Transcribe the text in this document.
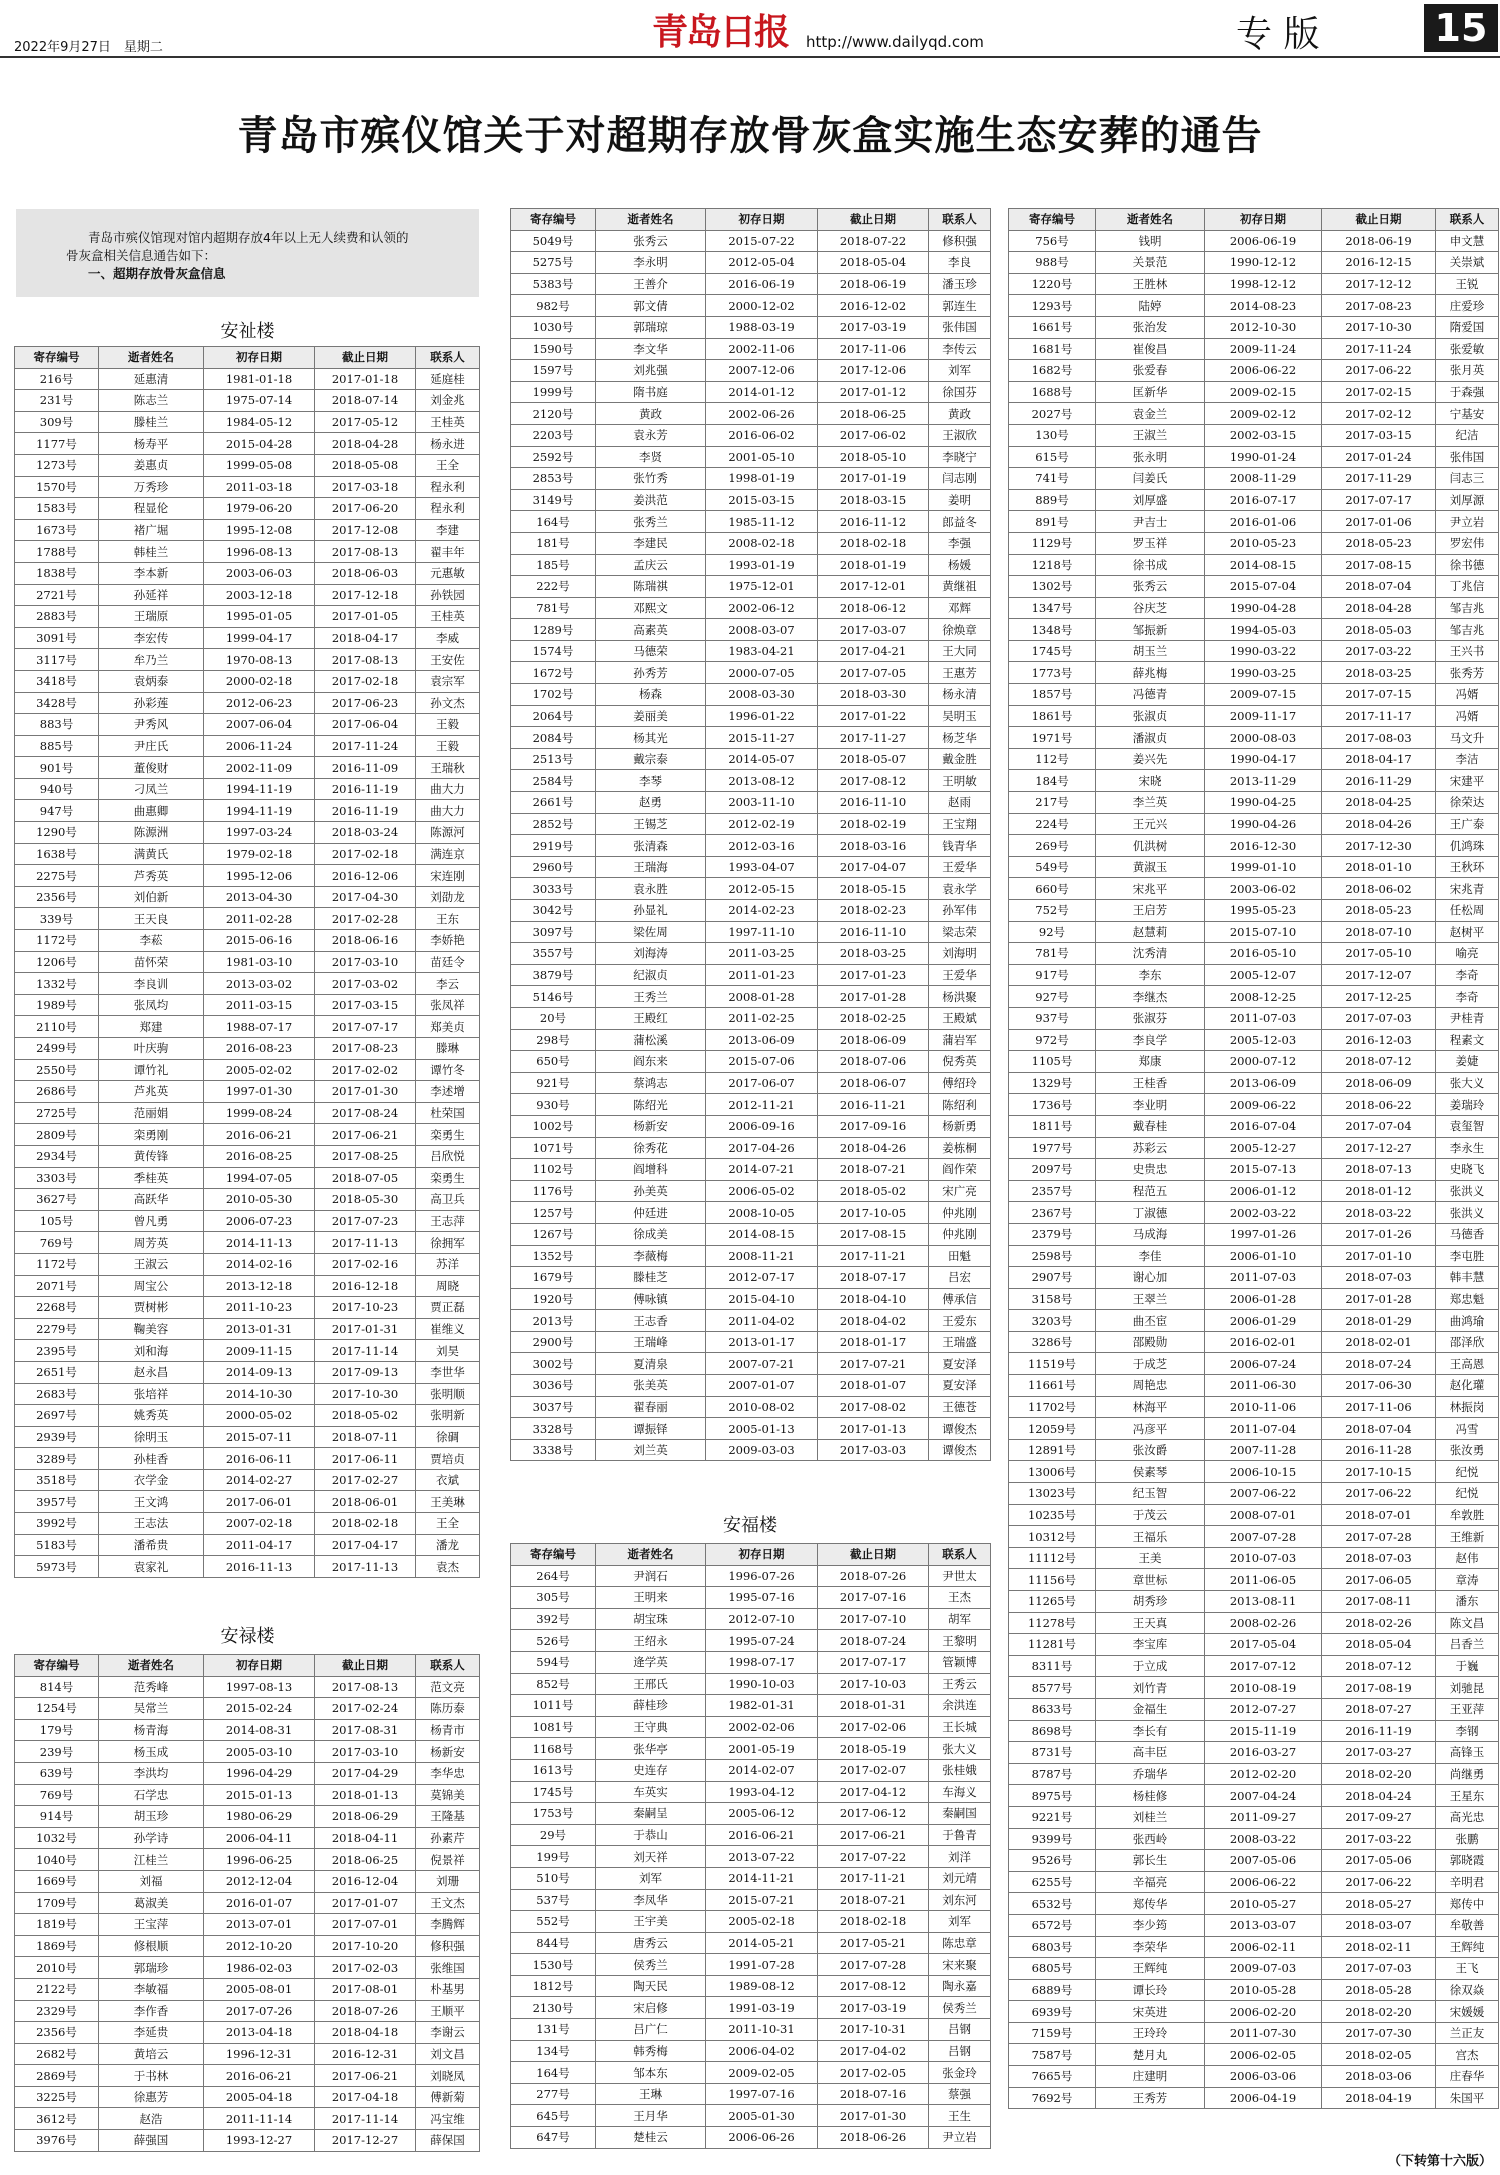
2022年9月27日　星期二	青岛日报 http://www.dailyqd.com	专 版	15
青岛市殡仪馆关于对超期存放骨灰盒实施生态安葬的通告
青岛市殡仪馆现对馆内超期存放4年以上无人续费和认领的
骨灰盒相关信息通告如下：
一、超期存放骨灰盒信息
安祉楼
寄存编号	逝者姓名	初存日期	截止日期	联系人
216号	延惠清	1981-01-18	2017-01-18	延庭桂
231号	陈志兰	1975-07-14	2018-07-14	刘金兆
309号	滕桂兰	1984-05-12	2017-05-12	王桂英
1177号	杨寿平	2015-04-28	2018-04-28	杨永进
1273号	姜惠贞	1999-05-08	2018-05-08	王全
1570号	万秀珍	2011-03-18	2017-03-18	程永利
1583号	程显伦	1979-06-20	2017-06-20	程永利
1673号	褚广堀	1995-12-08	2017-12-08	李建
1788号	韩桂兰	1996-08-13	2017-08-13	翟丰年
1838号	李本新	2003-06-03	2018-06-03	元惠敏
2721号	孙延祥	2003-12-18	2017-12-18	孙铁园
2883号	王瑞原	1995-01-05	2017-01-05	王桂英
3091号	李宏传	1999-04-17	2018-04-17	李威
3117号	牟乃兰	1970-08-13	2017-08-13	王安佐
3418号	袁炳泰	2000-02-18	2017-02-18	袁宗军
3428号	孙彩莲	2012-06-23	2017-06-23	孙文杰
883号	尹秀风	2007-06-04	2017-06-04	王毅
885号	尹庄氏	2006-11-24	2017-11-24	王毅
901号	董俊财	2002-11-09	2016-11-09	王瑞秋
940号	刁凤兰	1994-11-19	2016-11-19	曲大力
947号	曲惠卿	1994-11-19	2016-11-19	曲大力
1290号	陈源洲	1997-03-24	2018-03-24	陈源河
1638号	满黄氏	1979-02-18	2017-02-18	满连京
2275号	芦秀英	1995-12-06	2016-12-06	宋连刚
2356号	刘伯新	2013-04-30	2017-04-30	刘劭龙
339号	王天良	2011-02-28	2017-02-28	王东
1172号	李菘	2015-06-16	2018-06-16	李娇艳
1206号	苗怀荣	1981-03-10	2017-03-10	苗廷令
1332号	李良训	2013-03-02	2017-03-02	李云
1989号	张凤均	2011-03-15	2017-03-15	张凤祥
2110号	郑建	1988-07-17	2017-07-17	郑美贞
2499号	叶庆驹	2016-08-23	2017-08-23	滕琳
2550号	谭竹礼	2005-02-02	2017-02-02	谭竹冬
2686号	芦兆英	1997-01-30	2017-01-30	李述增
2725号	范丽娟	1999-08-24	2017-08-24	杜荣国
2809号	栾勇刚	2016-06-21	2017-06-21	栾勇生
2934号	黄传锋	2016-08-25	2017-08-25	吕欣悦
3303号	季桂英	1994-07-05	2018-07-05	栾勇生
3627号	高跃华	2010-05-30	2018-05-30	高卫兵
105号	曾凡勇	2006-07-23	2017-07-23	王志萍
769号	周芳英	2014-11-13	2017-11-13	徐拥军
1172号	王淑云	2014-02-16	2017-02-16	苏洋
2071号	周宝公	2013-12-18	2016-12-18	周晓
2268号	贾树彬	2011-10-23	2017-10-23	贾正磊
2279号	鞠美容	2013-01-31	2017-01-31	崔维义
2395号	刘和海	2009-11-15	2017-11-14	刘昊
2651号	赵永昌	2014-09-13	2017-09-13	李世华
2683号	张培祥	2014-10-30	2017-10-30	张明顺
2697号	姚秀英	2000-05-02	2018-05-02	张明新
2939号	徐明玉	2015-07-11	2018-07-11	徐碉
3289号	孙桂香	2016-06-11	2017-06-11	贾培贞
3518号	衣学金	2014-02-27	2017-02-27	衣斌
3957号	王文鸿	2017-06-01	2018-06-01	王美琳
3992号	王志法	2007-02-18	2018-02-18	王全
5183号	潘希贵	2011-04-17	2017-04-17	潘龙
5973号	袁家礼	2016-11-13	2017-11-13	袁杰
安禄楼
寄存编号	逝者姓名	初存日期	截止日期	联系人
814号	范秀峰	1997-08-13	2017-08-13	范文亮
1254号	吴常兰	2015-02-24	2017-02-24	陈历泰
179号	杨青海	2014-08-31	2017-08-31	杨青市
239号	杨玉成	2005-03-10	2017-03-10	杨新安
639号	李洪均	1996-04-29	2017-04-29	李华忠
769号	石学忠	2015-01-13	2018-01-13	莫锦美
914号	胡玉珍	1980-06-29	2018-06-29	王隆基
1032号	孙学诗	2006-04-11	2018-04-11	孙素芹
1040号	江桂兰	1996-06-25	2018-06-25	倪景祥
1669号	刘福	2012-12-04	2016-12-04	刘珊
1709号	葛淑美	2016-01-07	2017-01-07	王文杰
1819号	王宝萍	2013-07-01	2017-07-01	李腾辉
1869号	修根顺	2012-10-20	2017-10-20	修积强
2010号	郭瑞珍	1986-02-03	2017-02-03	张维国
2122号	李敏福	2005-08-01	2017-08-01	朴基男
2329号	李作香	2017-07-26	2018-07-26	王顺平
2356号	李延贵	2013-04-18	2018-04-18	李谢云
2682号	黄培云	1996-12-31	2016-12-31	刘文昌
2869号	于书林	2016-06-21	2017-06-21	刘晓凤
3225号	徐惠芳	2005-04-18	2017-04-18	傅新菊
3612号	赵浩	2011-11-14	2017-11-14	冯宝维
3976号	薛强国	1993-12-27	2017-12-27	薛保国
寄存编号	逝者姓名	初存日期	截止日期	联系人
5049号	张秀云	2015-07-22	2018-07-22	修积强
5275号	李永明	2012-05-04	2018-05-04	李良
5383号	王善介	2016-06-19	2018-06-19	潘玉珍
982号	郭文倩	2000-12-02	2016-12-02	郭连生
1030号	郭瑞琼	1988-03-19	2017-03-19	张伟国
1590号	李文华	2002-11-06	2017-11-06	李传云
1597号	刘兆强	2007-12-06	2017-12-06	刘军
1999号	隋书庭	2014-01-12	2017-01-12	徐国芬
2120号	黄政	2002-06-26	2018-06-25	黄政
2203号	袁永芳	2016-06-02	2017-06-02	王淑欣
2592号	李贤	2001-05-10	2018-05-10	李晓宁
2853号	张竹秀	1998-01-19	2017-01-19	闫志刚
3149号	姜洪范	2015-03-15	2018-03-15	姜明
164号	张秀兰	1985-11-12	2016-11-12	郎益冬
181号	李建民	2008-02-18	2018-02-18	李强
185号	孟庆云	1993-01-19	2018-01-19	杨媛
222号	陈瑞祺	1975-12-01	2017-12-01	黄继祖
781号	邓熙文	2002-06-12	2018-06-12	邓辉
1289号	高素英	2008-03-07	2017-03-07	徐焕章
1574号	马德荣	1983-04-21	2017-04-21	王大同
1672号	孙秀芳	2000-07-05	2017-07-05	王惠芳
1702号	杨森	2008-03-30	2018-03-30	杨永清
2064号	姜丽美	1996-01-22	2017-01-22	吴明玉
2084号	杨其光	2015-11-27	2017-11-27	杨芝华
2513号	戴宗泰	2014-05-07	2018-05-07	戴金胜
2584号	李琴	2013-08-12	2017-08-12	王明敏
2661号	赵勇	2003-11-10	2016-11-10	赵雨
2852号	王锡芝	2012-02-19	2018-02-19	王宝翔
2919号	张清森	2012-03-16	2018-03-16	钱青华
2960号	王瑞海	1993-04-07	2017-04-07	王爱华
3033号	袁永胜	2012-05-15	2018-05-15	袁永学
3042号	孙显礼	2014-02-23	2018-02-23	孙军伟
3097号	梁佐周	1997-11-10	2016-11-10	梁志荣
3557号	刘海涛	2011-03-25	2018-03-25	刘海明
3879号	纪淑贞	2011-01-23	2017-01-23	王爱华
5146号	王秀兰	2008-01-28	2017-01-28	杨洪聚
20号	王殿红	2011-02-25	2018-02-25	王殿斌
298号	蒲松溪	2013-06-09	2018-06-09	蒲岩军
650号	阎东来	2015-07-06	2018-07-06	倪秀英
921号	蔡鸿志	2017-06-07	2018-06-07	傅绍玲
930号	陈绍光	2012-11-21	2016-11-21	陈绍利
1002号	杨新安	2006-09-16	2017-09-16	杨新勇
1071号	徐秀花	2017-04-26	2018-04-26	姜栋桐
1102号	阎增科	2014-07-21	2018-07-21	阎作荣
1176号	孙美英	2006-05-02	2018-05-02	宋广亮
1257号	仲廷进	2008-10-05	2017-10-05	仲兆刚
1267号	徐成美	2014-08-15	2017-08-15	仲兆刚
1352号	李薇梅	2008-11-21	2017-11-21	田魁
1679号	滕桂芝	2012-07-17	2018-07-17	吕宏
1920号	傅咏镇	2015-04-10	2018-04-10	傅承信
2013号	王志香	2011-04-02	2018-04-02	王爱东
2900号	王瑞峰	2013-01-17	2018-01-17	王瑞盛
3002号	夏清泉	2007-07-21	2017-07-21	夏安泽
3036号	张美英	2007-01-07	2018-01-07	夏安泽
3037号	翟春丽	2010-08-02	2017-08-02	王德苍
3328号	谭振铎	2005-01-13	2017-01-13	谭俊杰
3338号	刘兰英	2009-03-03	2017-03-03	谭俊杰
安福楼
寄存编号	逝者姓名	初存日期	截止日期	联系人
264号	尹润石	1996-07-26	2018-07-26	尹世太
305号	王明来	1995-07-16	2017-07-16	王杰
392号	胡宝珠	2012-07-10	2017-07-10	胡军
526号	王绍永	1995-07-24	2018-07-24	王黎明
594号	逄学英	1998-07-17	2017-07-17	管颖博
852号	王邢氏	1990-10-03	2017-10-03	王秀云
1011号	薛桂珍	1982-01-31	2018-01-31	余洪连
1081号	王守典	2002-02-06	2017-02-06	王长城
1168号	张华亭	2001-05-19	2018-05-19	张大义
1613号	史连存	2014-02-07	2017-02-07	张桂娥
1745号	车英实	1993-04-12	2017-04-12	车海义
1753号	秦嗣呈	2005-06-12	2017-06-12	秦嗣国
29号	于恭山	2016-06-21	2017-06-21	于鲁青
199号	刘天祥	2013-07-22	2017-07-22	刘洋
510号	刘军	2014-11-21	2017-11-21	刘元靖
537号	李凤华	2015-07-21	2018-07-21	刘东河
552号	王宇美	2005-02-18	2018-02-18	刘军
844号	唐秀云	2014-05-21	2017-05-21	陈忠章
1530号	侯秀兰	1991-07-28	2017-07-28	宋来聚
1812号	陶天民	1989-08-12	2017-08-12	陶永嘉
2130号	宋启修	1991-03-19	2017-03-19	侯秀兰
131号	吕广仁	2011-10-31	2017-10-31	吕钢
134号	韩秀梅	2006-04-02	2017-04-02	吕钢
164号	邹本东	2009-02-05	2017-02-05	张金玲
277号	王琳	1997-07-16	2018-07-16	蔡强
645号	王月华	2005-01-30	2017-01-30	王生
647号	楚桂云	2006-06-26	2018-06-26	尹立岩
寄存编号	逝者姓名	初存日期	截止日期	联系人
756号	钱明	2006-06-19	2018-06-19	申文慧
988号	关景范	1990-12-12	2016-12-15	关崇斌
1220号	王胜林	1998-12-12	2017-12-12	王锐
1293号	陆婷	2014-08-23	2017-08-23	庄爱珍
1661号	张治发	2012-10-30	2017-10-30	隋爱国
1681号	崔俊昌	2009-11-24	2017-11-24	张爱敏
1682号	张爱春	2006-06-22	2017-06-22	张月英
1688号	匡新华	2009-02-15	2017-02-15	于森强
2027号	袁金兰	2009-02-12	2017-02-12	宁基安
130号	王淑兰	2002-03-15	2017-03-15	纪洁
615号	张永明	1990-01-24	2017-01-24	张伟国
741号	闫姜氏	2008-11-29	2017-11-29	闫志三
889号	刘厚盛	2016-07-17	2017-07-17	刘厚源
891号	尹吉士	2016-01-06	2017-01-06	尹立岩
1129号	罗玉祥	2010-05-23	2018-05-23	罗宏伟
1218号	徐书成	2014-08-15	2017-08-15	徐书德
1302号	张秀云	2015-07-04	2018-07-04	丁兆信
1347号	谷庆芝	1990-04-28	2018-04-28	邹吉兆
1348号	邹振新	1994-05-03	2018-05-03	邹吉兆
1745号	胡玉兰	1990-03-22	2017-03-22	王兴书
1773号	薛兆梅	1990-03-25	2018-03-25	张秀芳
1857号	冯德青	2009-07-15	2017-07-15	冯婿
1861号	张淑贞	2009-11-17	2017-11-17	冯婿
1971号	潘淑贞	2000-08-03	2017-08-03	马文升
112号	姜兴先	1990-04-17	2018-04-17	李洁
184号	宋晓	2013-11-29	2016-11-29	宋建平
217号	李兰英	1990-04-25	2018-04-25	徐荣达
224号	王元兴	1990-04-26	2018-04-26	王广泰
269号	仉洪树	2016-12-30	2017-12-30	仉鸿珠
549号	黄淑玉	1999-01-10	2018-01-10	王秋环
660号	宋兆平	2003-06-02	2018-06-02	宋兆青
752号	王启芳	1995-05-23	2018-05-23	任松周
92号	赵慧莉	2015-07-10	2018-07-10	赵树平
781号	沈秀清	2016-05-10	2017-05-10	喻亮
917号	李东	2005-12-07	2017-12-07	李奇
927号	李继杰	2008-12-25	2017-12-25	李奇
937号	张淑芬	2011-07-03	2017-07-03	尹桂青
972号	李良学	2005-12-03	2016-12-03	程素文
1105号	郑康	2000-07-12	2018-07-12	姜婕
1329号	王桂香	2013-06-09	2018-06-09	张大义
1736号	李业明	2009-06-22	2018-06-22	姜瑞玲
1811号	戴春桂	2016-07-04	2017-07-04	袁玺智
1977号	苏彩云	2005-12-27	2017-12-27	李永生
2097号	史贵忠	2015-07-13	2018-07-13	史晓飞
2357号	程范五	2006-01-12	2018-01-12	张洪义
2367号	丁淑德	2002-03-22	2018-03-22	张洪义
2379号	马成海	1997-01-26	2017-01-26	马德香
2598号	李佳	2006-01-10	2017-01-10	李屯胜
2907号	谢心加	2011-07-03	2018-07-03	韩丰慧
3158号	王翠兰	2006-01-28	2017-01-28	郑忠魁
3203号	曲丕宦	2006-01-29	2018-01-29	曲鸿瑜
3286号	邵殿勋	2016-02-01	2018-02-01	邵泽欣
11519号	于成芝	2006-07-24	2018-07-24	王高恩
11661号	周艳忠	2011-06-30	2017-06-30	赵化瓘
11702号	林海平	2010-11-06	2017-11-06	林振岗
12059号	冯彦平	2011-07-04	2018-07-04	冯雪
12891号	张汝爵	2007-11-28	2016-11-28	张汝勇
13006号	侯素琴	2006-10-15	2017-10-15	纪悦
13023号	纪玉智	2007-06-22	2017-06-22	纪悦
10235号	于茂云	2008-07-01	2018-07-01	牟敦胜
10312号	王福乐	2007-07-28	2017-07-28	王维新
11112号	王美	2010-07-03	2018-07-03	赵伟
11156号	章世标	2011-06-05	2017-06-05	章涛
11265号	胡秀珍	2013-08-11	2017-08-11	潘东
11278号	王天真	2008-02-26	2018-02-26	陈文昌
11281号	李宝库	2017-05-04	2018-05-04	吕香兰
8311号	于立成	2017-07-12	2018-07-12	于巍
8577号	刘竹青	2010-08-19	2017-08-19	刘驰昆
8633号	金福生	2012-07-27	2018-07-27	王亚萍
8698号	李长有	2015-11-19	2016-11-19	李钢
8731号	高丰臣	2016-03-27	2017-03-27	高锋玉
8787号	乔瑞华	2012-02-20	2018-02-20	尚继勇
8975号	杨桂修	2007-04-24	2018-04-24	王星东
9221号	刘桂兰	2011-09-27	2017-09-27	高光忠
9399号	张西岭	2008-03-22	2017-03-22	张鹏
9526号	郭长生	2007-05-06	2017-05-06	郭晓霞
6255号	辛福亮	2006-06-22	2017-06-22	辛明君
6532号	郑传华	2010-05-27	2018-05-27	郑传中
6572号	李少筠	2013-03-07	2018-03-07	牟敬善
6803号	李荣华	2006-02-11	2018-02-11	王辉纯
6805号	王辉纯	2009-07-03	2017-07-03	王飞
6889号	谭长玲	2010-05-28	2018-05-28	徐双焱
6939号	宋英进	2006-02-20	2018-02-20	宋媛媛
7159号	王玲玲	2011-07-30	2017-07-30	兰正友
7587号	楚月丸	2006-02-05	2018-02-05	宫杰
7665号	庄建明	2006-03-06	2018-03-06	庄春华
7692号	王秀芳	2006-04-19	2018-04-19	朱国平
（下转第十六版）
